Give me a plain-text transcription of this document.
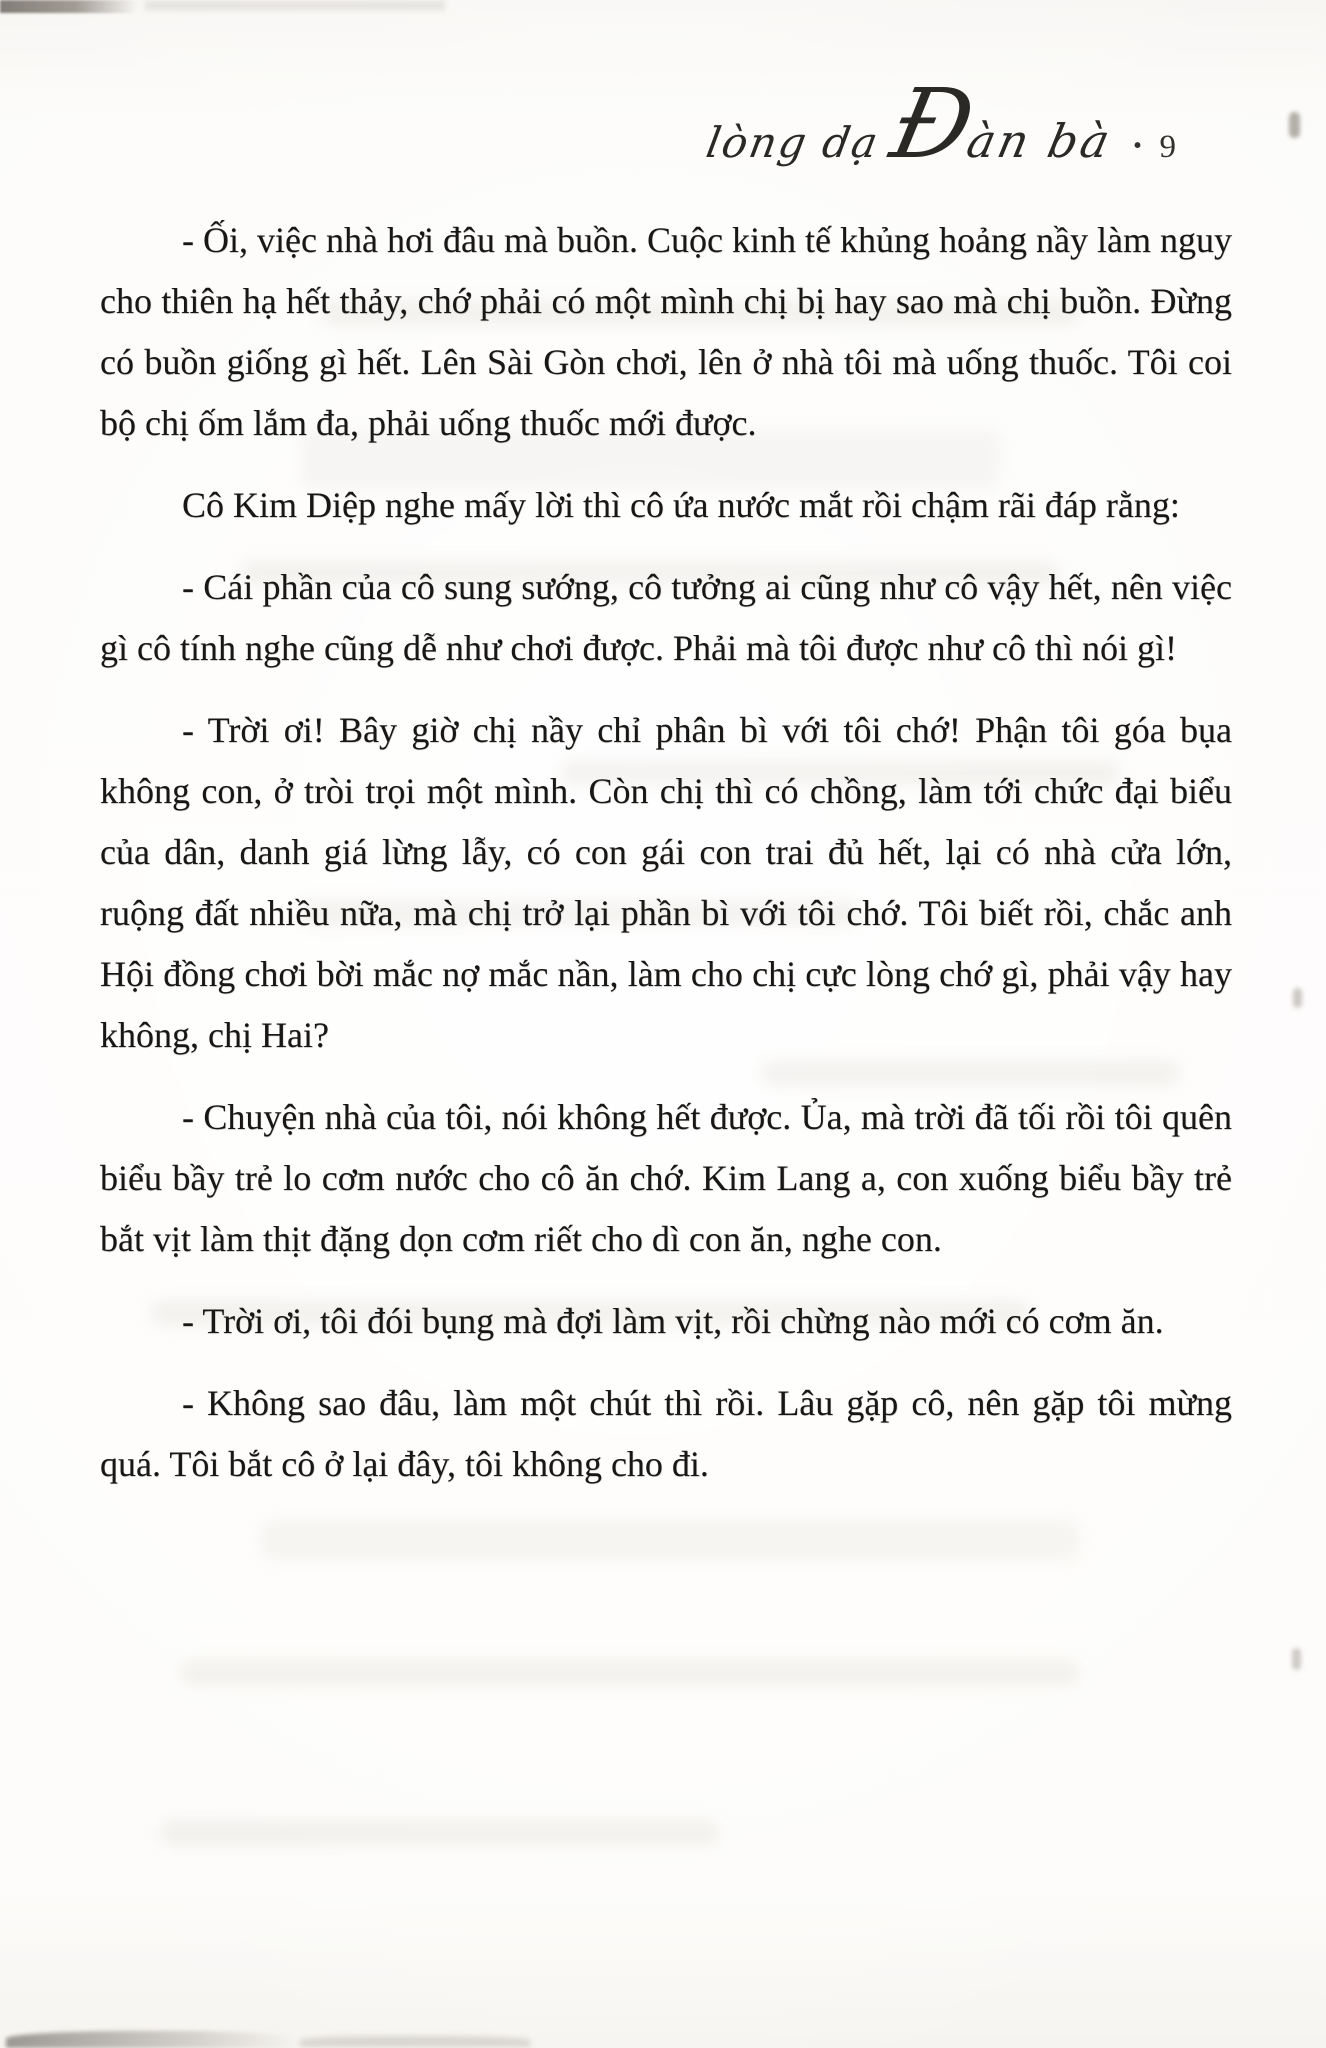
lòng dạ Đàn bà · 9

- Ối, việc nhà hơi đâu mà buồn. Cuộc kinh tế khủng hoảng nầy làm nguy cho thiên hạ hết thảy, chớ phải có một mình chị bị hay sao mà chị buồn. Đừng có buồn giống gì hết. Lên Sài Gòn chơi, lên ở nhà tôi mà uống thuốc. Tôi coi bộ chị ốm lắm đa, phải uống thuốc mới được.

Cô Kim Diệp nghe mấy lời thì cô ứa nước mắt rồi chậm rãi đáp rằng:

- Cái phần của cô sung sướng, cô tưởng ai cũng như cô vậy hết, nên việc gì cô tính nghe cũng dễ như chơi được. Phải mà tôi được như cô thì nói gì!

- Trời ơi! Bây giờ chị nầy chỉ phân bì với tôi chớ! Phận tôi góa bụa không con, ở tròi trọi một mình. Còn chị thì có chồng, làm tới chức đại biểu của dân, danh giá lừng lẫy, có con gái con trai đủ hết, lại có nhà cửa lớn, ruộng đất nhiều nữa, mà chị trở lại phần bì với tôi chớ. Tôi biết rồi, chắc anh Hội đồng chơi bời mắc nợ mắc nần, làm cho chị cực lòng chớ gì, phải vậy hay không, chị Hai?

- Chuyện nhà của tôi, nói không hết được. Ủa, mà trời đã tối rồi tôi quên biểu bầy trẻ lo cơm nước cho cô ăn chớ. Kim Lang a, con xuống biểu bầy trẻ bắt vịt làm thịt đặng dọn cơm riết cho dì con ăn, nghe con.

- Trời ơi, tôi đói bụng mà đợi làm vịt, rồi chừng nào mới có cơm ăn.

- Không sao đâu, làm một chút thì rồi. Lâu gặp cô, nên gặp tôi mừng quá. Tôi bắt cô ở lại đây, tôi không cho đi.
